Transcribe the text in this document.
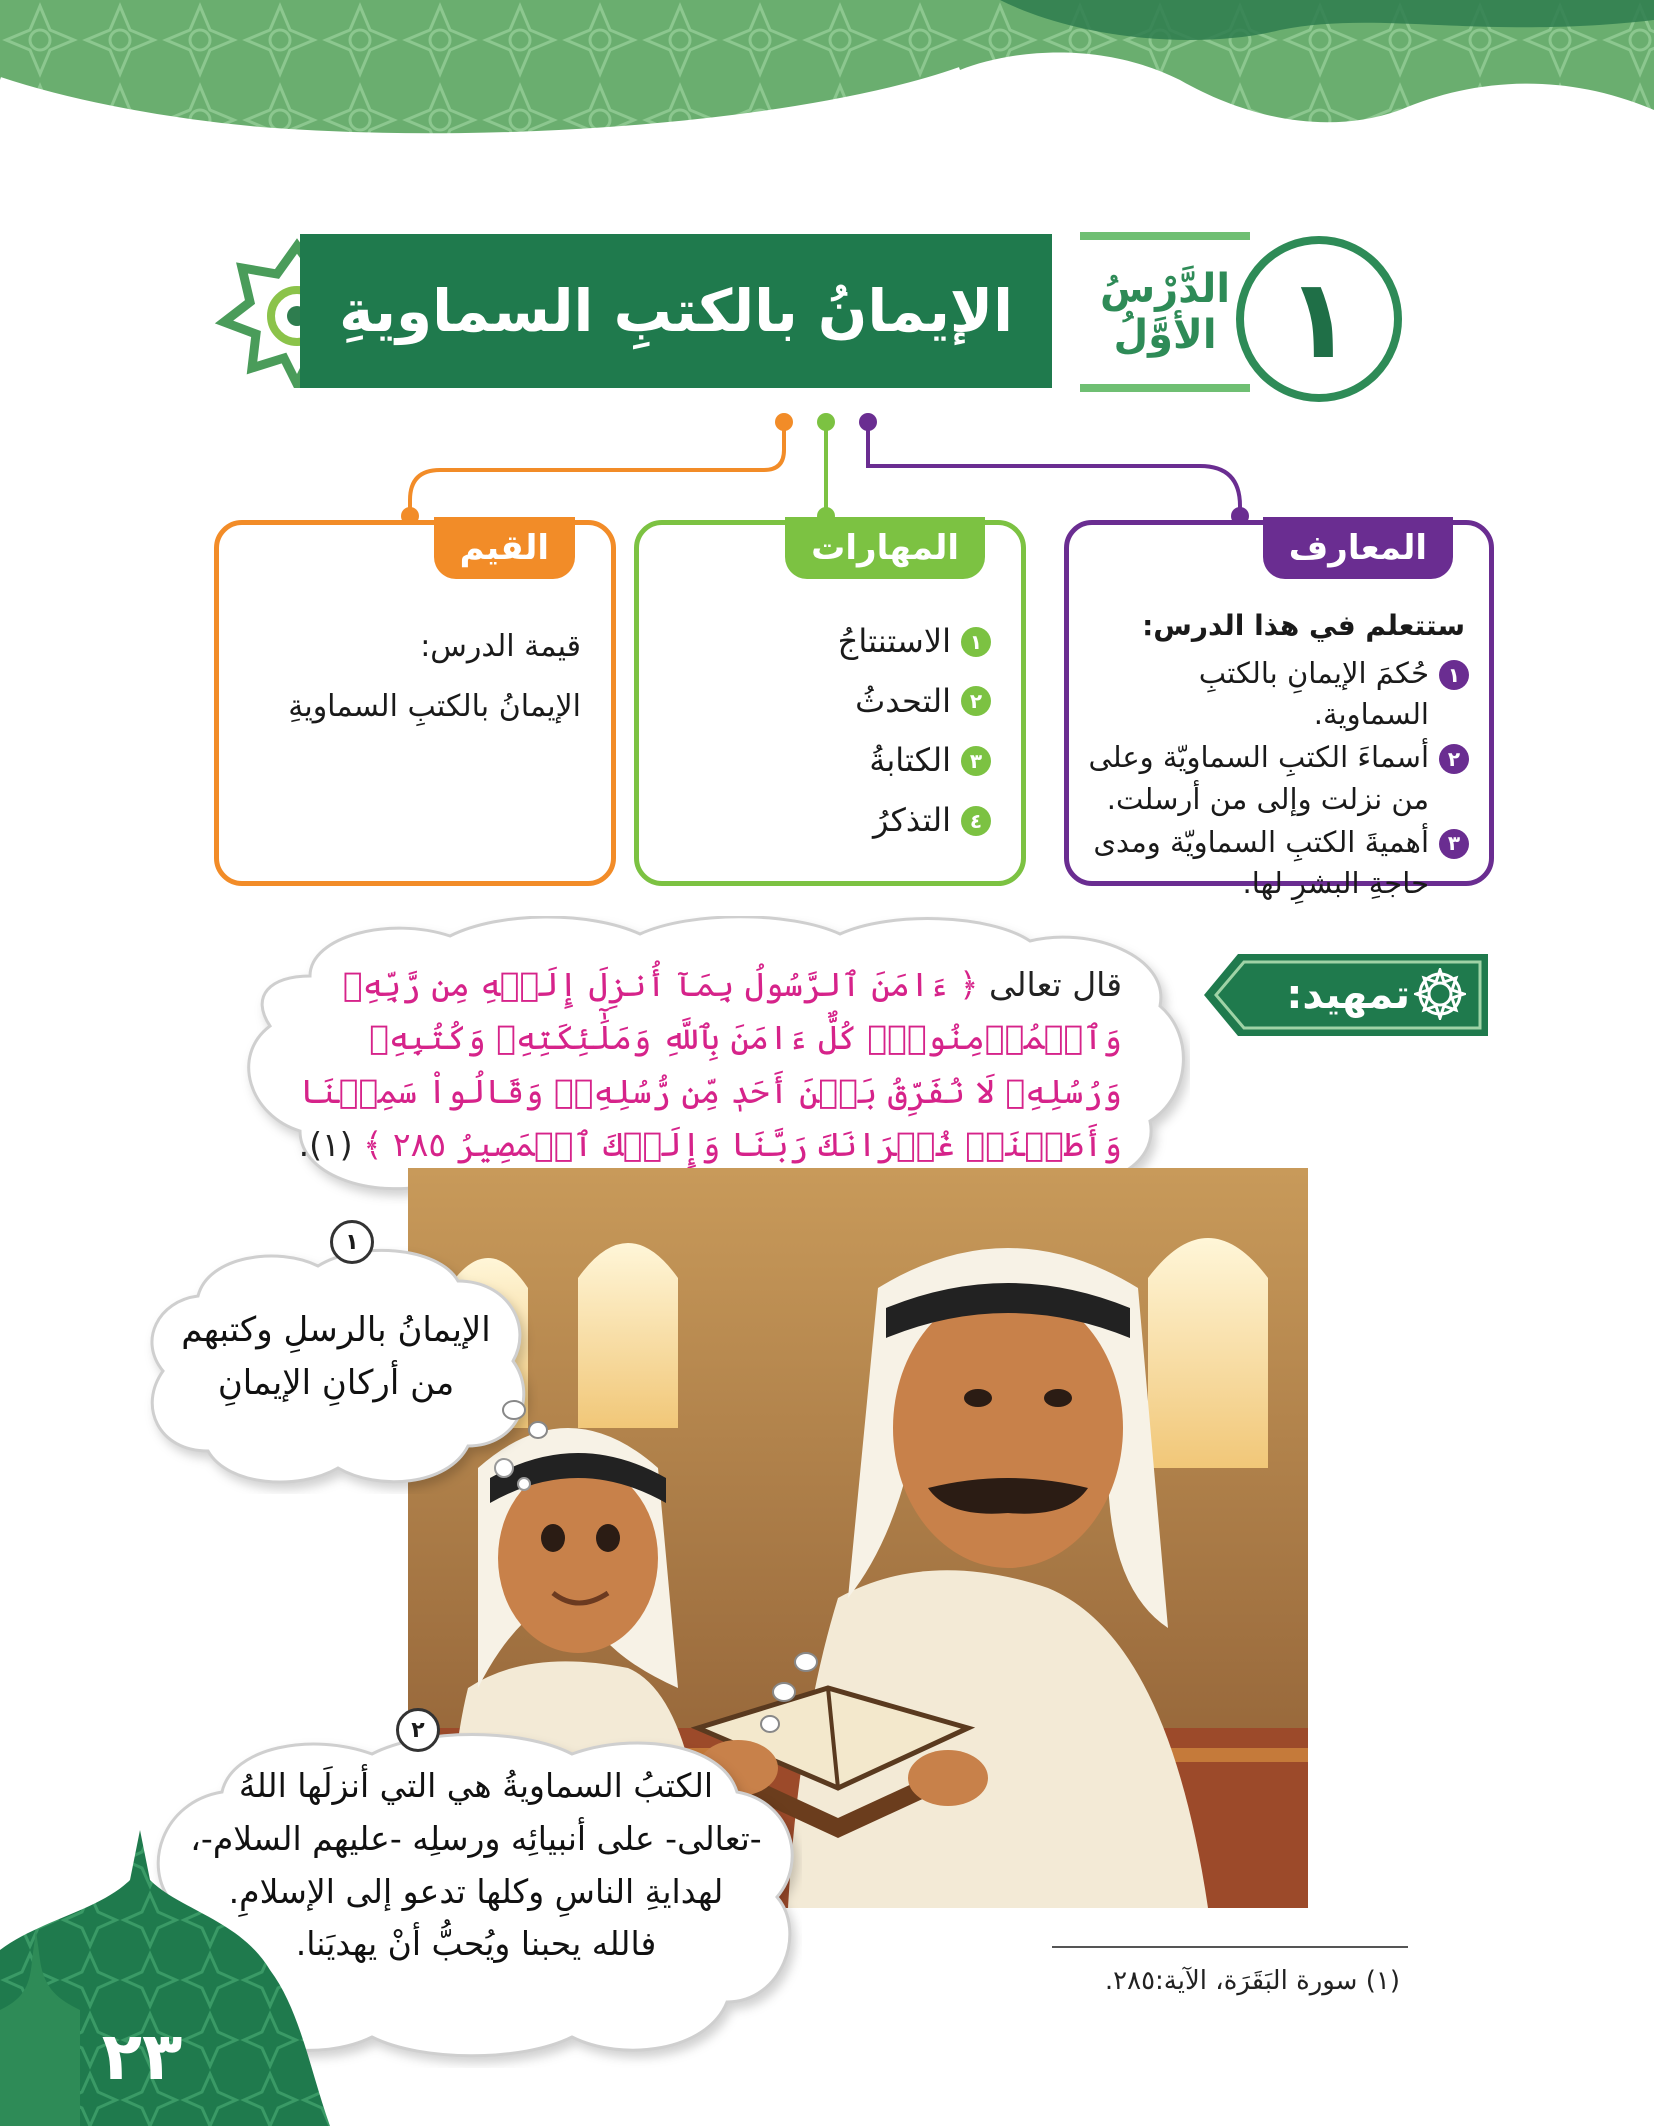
الإيمانُ بالكتبِ السماويةِ	الدَّرْسُ
الأوَّلُ ١
المعارف
ستتعلم في هذا الدرس:
١
حُكمَ الإيمانِ بالكتبِ السماوية.
٢
أسماءَ الكتبِ السماويّة وعلى من نزلت وإلى من أرسلت.
٣
أهميةَ الكتبِ السماويّة ومدى حاجةِ البشرِ لها.
المهارات
١
الاستنتاجُ
٢
التحدثُ
٣
الكتابةُ
٤
التذكرُ
القيم
قيمة الدرس:
الإيمانُ بالكتبِ السماويةِ
تمهيد:
قال تعالى ﴿ ءَامَنَ ٱلرَّسُولُ بِمَآ أُنزِلَ إِلَيۡهِ مِن رَّبِّهِۦ وَٱلۡمُؤۡمِنُونَۚ كُلٌّ ءَامَنَ بِٱللَّهِ وَمَلَٰٓئِكَتِهِۦ وَكُتُبِهِۦ وَرُسُلِهِۦ لَا نُفَرِّقُ بَيۡنَ أَحَدٖ مِّن رُّسُلِهِۦۚ وَقَالُواْ سَمِعۡنَا وَأَطَعۡنَاۖ غُفۡرَانَكَ رَبَّنَا وَإِلَيۡكَ ٱلۡمَصِيرُ ٢٨٥ ﴾ (١).
١
الإيمانُ بالرسلِ وكتبهم
من أركانِ الإيمانِ
٢
الكتبُ السماويةُ هي التي أنزلَها اللهُ
-تعالى- على أنبيائِه ورسلِه -عليهم السلام-،
لهدايةِ الناسِ وكلها تدعو إلى الإسلامِ.
فالله يحبنا ويُحبُّ أنْ يهديَنا.
(١) سورة البَقَرَة، الآية:٢٨٥.
٢٣
